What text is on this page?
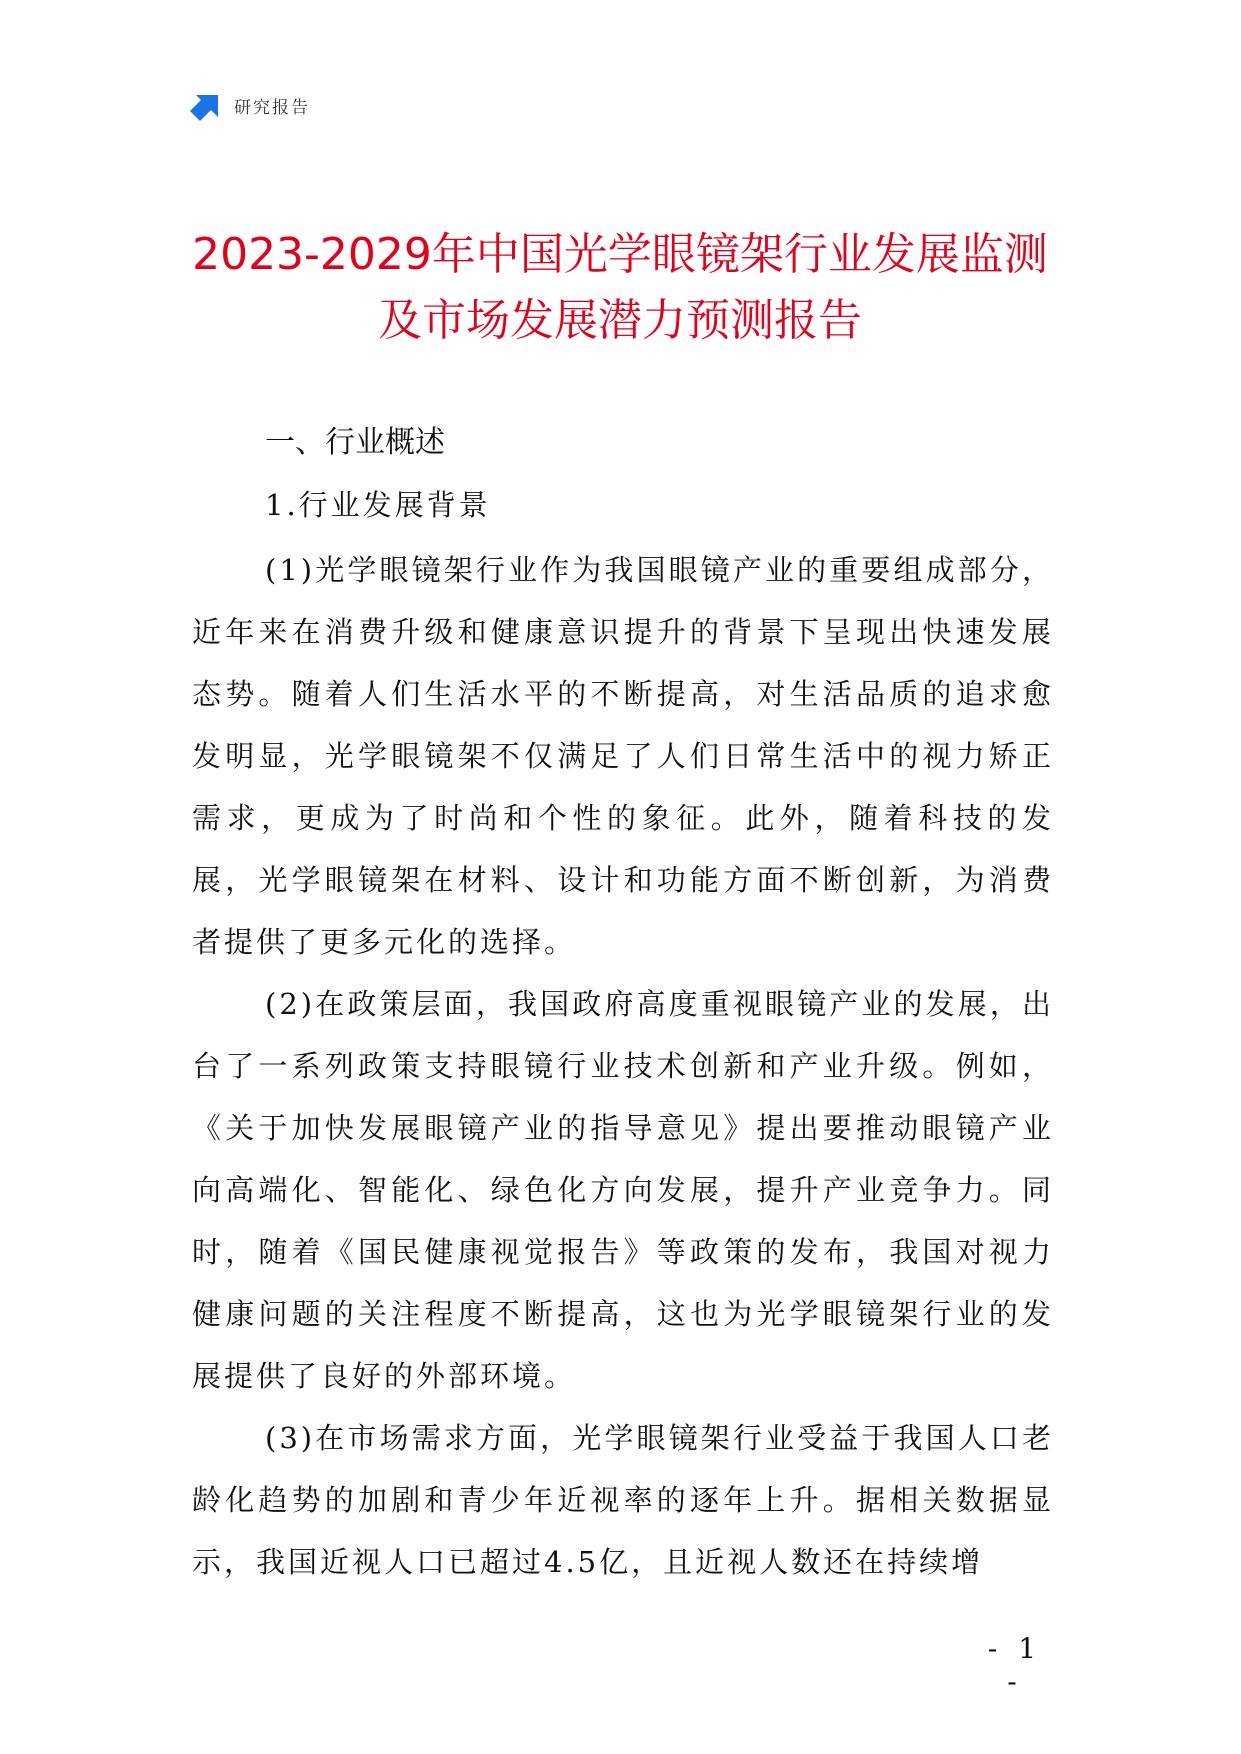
研究报告
2023-2029年中国光学眼镜架行业发展监测
及市场发展潜力预测报告
一、行业概述
1.行业发展背景

(1)光学眼镜架行业作为我国眼镜产业的重要组成部分，近年来在消费升级和健康意识提升的背景下呈现出快速发展态势。随着人们生活水平的不断提高，对生活品质的追求愈发明显，光学眼镜架不仅满足了人们日常生活中的视力矫正需求，更成为了时尚和个性的象征。此外，随着科技的发展，光学眼镜架在材料、设计和功能方面不断创新，为消费者提供了更多元化的选择。

(2)在政策层面，我国政府高度重视眼镜产业的发展，出台了一系列政策支持眼镜行业技术创新和产业升级。例如，《关于加快发展眼镜产业的指导意见》提出要推动眼镜产业向高端化、智能化、绿色化方向发展，提升产业竞争力。同时，随着《国民健康视觉报告》等政策的发布，我国对视力健康问题的关注程度不断提高，这也为光学眼镜架行业的发展提供了良好的外部环境。

(3)在市场需求方面，光学眼镜架行业受益于我国人口老龄化趋势的加剧和青少年近视率的逐年上升。据相关数据显示，我国近视人口已超过4.5亿，且近视人数还在持续增

- 1 -
